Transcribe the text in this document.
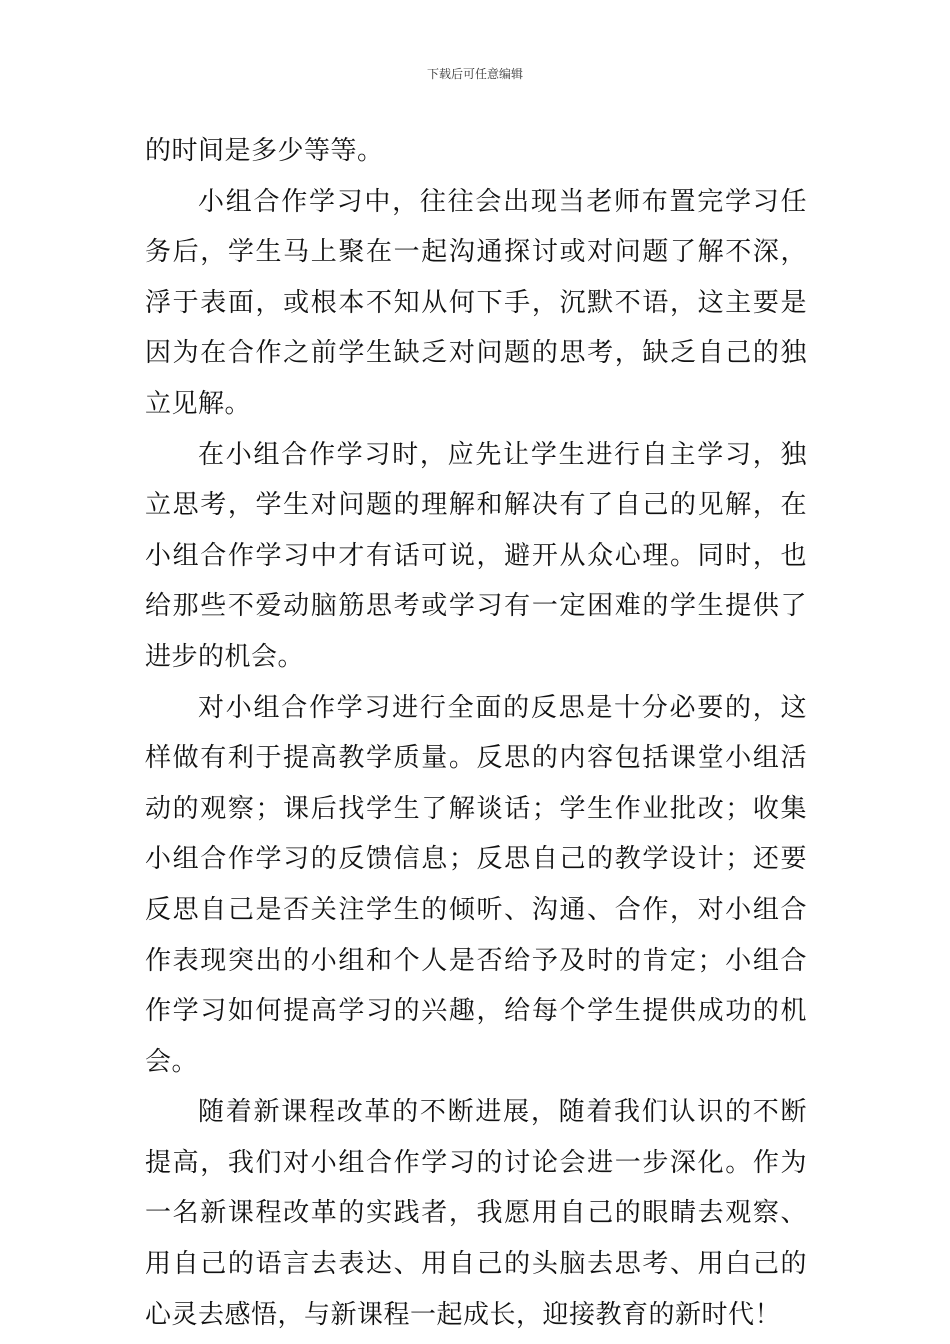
下载后可任意编辑

的时间是多少等等。

小组合作学习中，往往会出现当老师布置完学习任务后，学生马上聚在一起沟通探讨或对问题了解不深，浮于表面，或根本不知从何下手，沉默不语，这主要是因为在合作之前学生缺乏对问题的思考，缺乏自己的独立见解。

在小组合作学习时，应先让学生进行自主学习，独立思考，学生对问题的理解和解决有了自己的见解，在小组合作学习中才有话可说，避开从众心理。同时，也给那些不爱动脑筋思考或学习有一定困难的学生提供了进步的机会。

对小组合作学习进行全面的反思是十分必要的，这样做有利于提高教学质量。反思的内容包括课堂小组活动的观察；课后找学生了解谈话；学生作业批改；收集小组合作学习的反馈信息；反思自己的教学设计；还要反思自己是否关注学生的倾听、沟通、合作，对小组合作表现突出的小组和个人是否给予及时的肯定；小组合作学习如何提高学习的兴趣，给每个学生提供成功的机会。

随着新课程改革的不断进展，随着我们认识的不断提高，我们对小组合作学习的讨论会进一步深化。作为一名新课程改革的实践者，我愿用自己的眼睛去观察、用自己的语言去表达、用自己的头脑去思考、用白己的心灵去感悟，与新课程一起成长，迎接教育的新时代！
